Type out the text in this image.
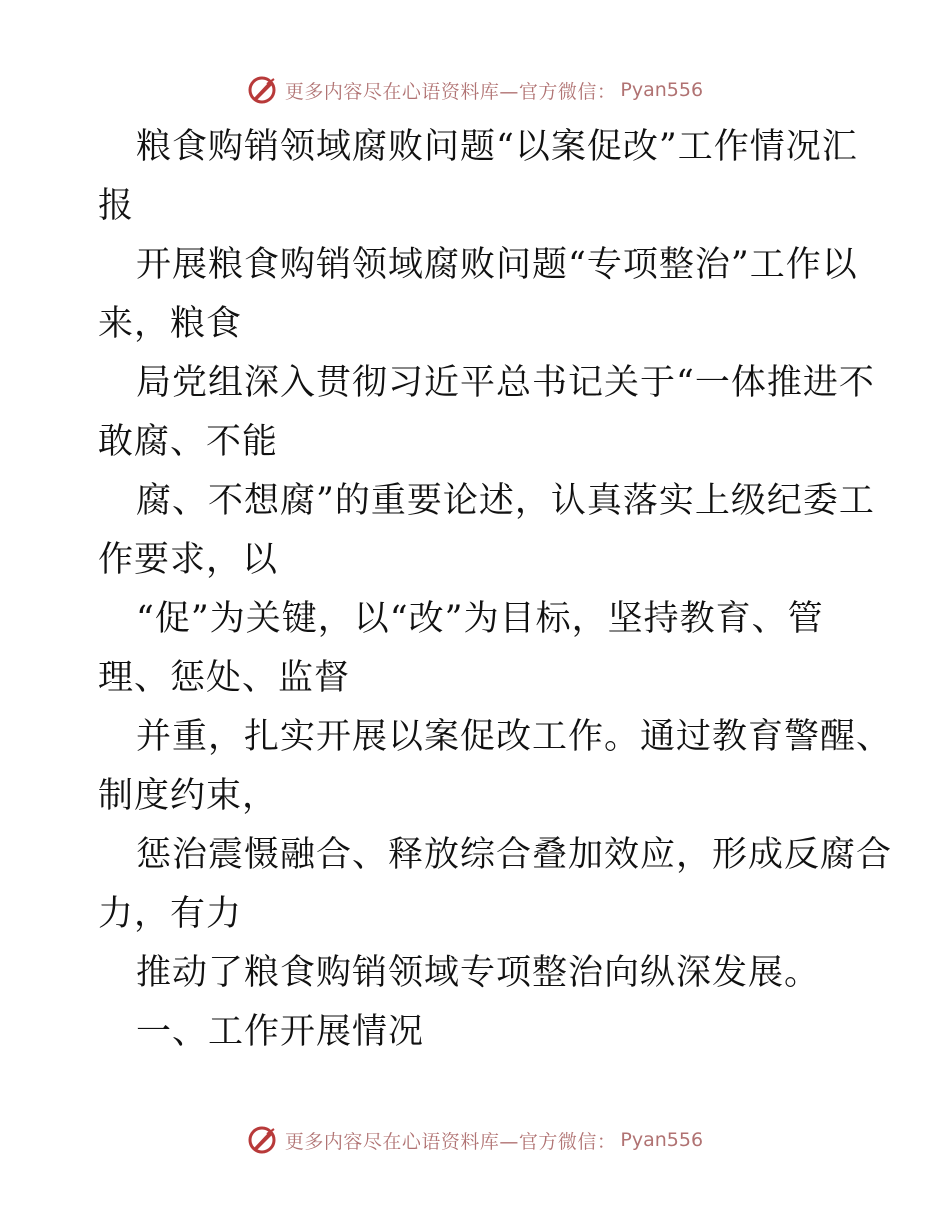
更多内容尽在心语资料库—官方微信： Pyan556
粮食购销领域腐败问题“以案促改”工作情况汇
报
开展粮食购销领域腐败问题“专项整治”工作以
来，粮食
局党组深入贯彻习近平总书记关于“一体推进不
敢腐、不能
腐、不想腐”的重要论述，认真落实上级纪委工
作要求，以
“促”为关键，以“改”为目标，坚持教育、管
理、惩处、监督
并重，扎实开展以案促改工作。通过教育警醒、
制度约束，
惩治震慑融合、释放综合叠加效应，形成反腐合
力，有力
推动了粮食购销领域专项整治向纵深发展。
一、工作开展情况
更多内容尽在心语资料库—官方微信： Pyan556
